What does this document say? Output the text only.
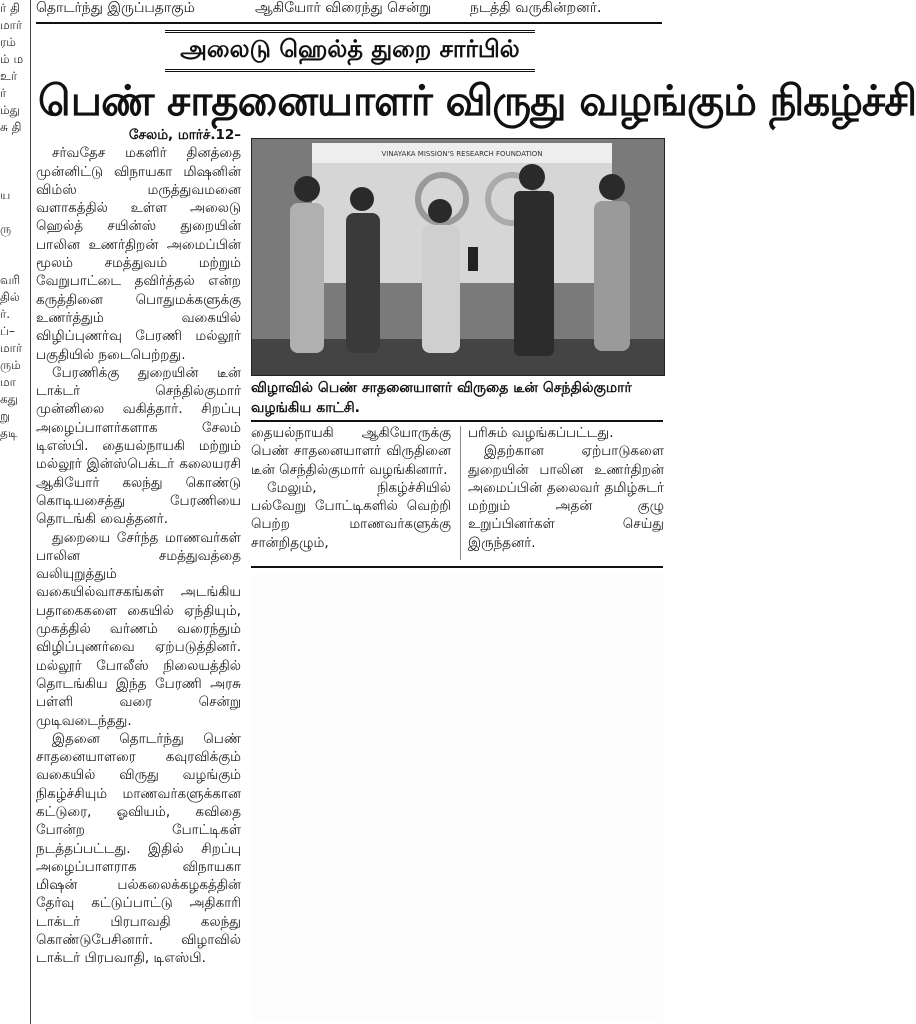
ர் தி
மார்
ரம்
ம் ம
உர்
ர்
ம்து
சு தி

ய

ரு

வரி
தில்
ர்.
ப்–
மார்
ரும்
மா
கது
று
தடி
தொடர்ந்து இருப்பதாகும்	ஆகியோர் விரைந்து சென்று	நடத்தி வருகின்றனர்.
அலைடு ஹெல்த் துறை சார்பில்
பெண் சாதனையாளர் விருது வழங்கும் நிகழ்ச்சி

சேலம், மார்ச்.12–

சர்வதேச மகளிர் தினத்தை முன்னிட்டு விநாயகா மிஷனின் விம்ஸ் மருத்துவமனை வளாகத்தில் உள்ள அலைடு ஹெல்த் சயின்ஸ் துறையின் பாலின உணர்திறன் அமைப்பின் மூலம் சமத்துவம் மற்றும் வேறுபாட்டை தவிர்த்தல் என்ற கருத்தினை பொதுமக்களுக்கு உணர்த்தும் வகையில் விழிப்புணர்வு பேரணி மல்லூர் பகுதியில் நடைபெற்றது.

பேரணிக்கு துறையின் டீன் டாக்டர் செந்தில்குமார் முன்னிலை வகித்தார். சிறப்பு அழைப்பாளர்களாக சேலம் டிஎஸ்பி. தையல்நாயகி மற்றும் மல்லூர் இன்ஸ்பெக்டர் கலையரசி ஆகியோர் கலந்து கொண்டு கொடியசைத்து பேரணியை தொடங்கி வைத்தனர்.

துறையை சேர்ந்த மாணவர்கள் பாலின சமத்துவத்தை வலியுறுத்தும் வகையில்வாசகங்கள் அடங்கிய பதாகைகளை கையில் ஏந்தியும், முகத்தில் வர்ணம் வரைந்தும் விழிப்புணர்வை ஏற்படுத்தினர். மல்லூர் போலீஸ் நிலையத்தில் தொடங்கிய இந்த பேரணி அரசு பள்ளி வரை சென்று முடிவடைந்தது.

இதனை தொடர்ந்து பெண் சாதனையாளரை கவுரவிக்கும் வகையில் விருது வழங்கும் நிகழ்ச்சியும் மாணவர்களுக்கான கட்டுரை, ஓவியம், கவிதை போன்ற போட்டிகள் நடத்தப்பட்டது. இதில் சிறப்பு அழைப்பாளராக விநாயகா மிஷன் பல்கலைக்கழகத்தின் தேர்வு கட்டுப்பாட்டு அதிகாரி டாக்டர் பிரபாவதி கலந்து கொண்டுபேசினார். விழாவில் டாக்டர் பிரபவாதி, டிஎஸ்பி.

VINAYAKA MISSION'S RESEARCH FOUNDATION
விழாவில் பெண் சாதனையாளர் விருதை டீன் செந்தில்குமார் வழங்கிய காட்சி.

தையல்நாயகி ஆகியோருக்கு பெண் சாதனையாளர் விருதினை டீன் செந்தில்குமார் வழங்கினார்.

மேலும், நிகழ்ச்சியில் பல்வேறு போட்டிகளில் வெற்றி பெற்ற மாணவர்களுக்கு சான்றிதழும்,

பரிசும் வழங்கப்பட்டது.

இதற்கான ஏற்பாடுகளை துறையின் பாலின உணர்திறன் அமைப்பின் தலைவர் தமிழ்சுடர் மற்றும் அதன் குழு உறுப்பினர்கள் செய்து இருந்தனர்.
